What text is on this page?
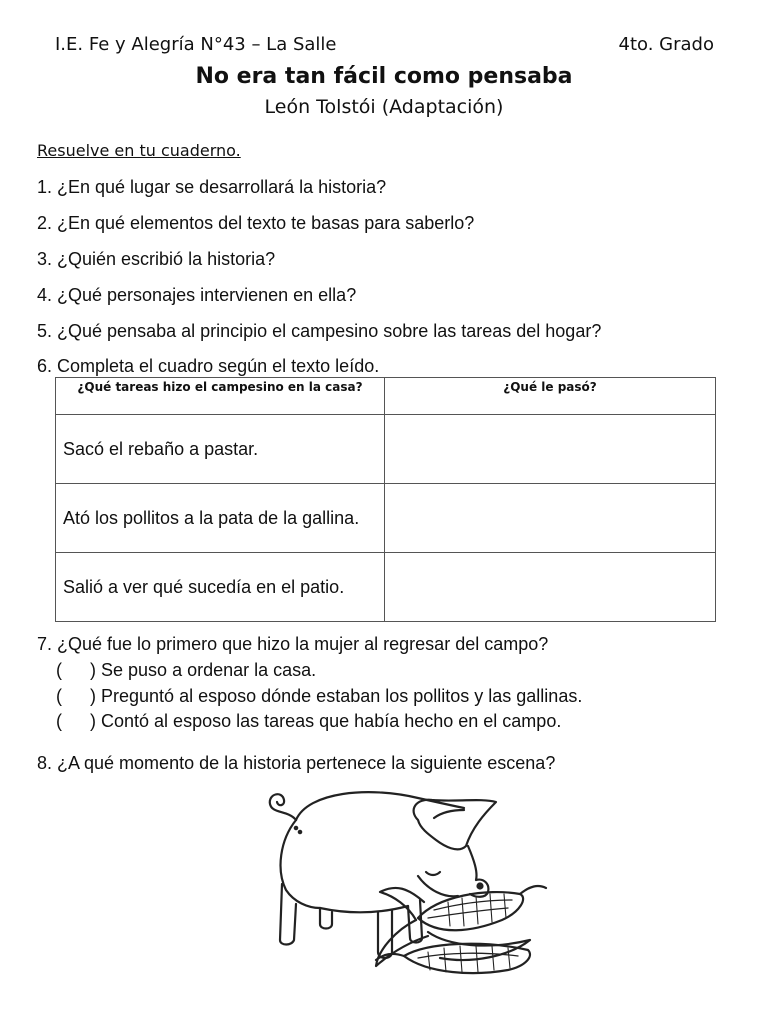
I.E. Fe y Alegría N°43 – La Salle	4to. Grado
No era tan fácil como pensaba
León Tolstói (Adaptación)
Resuelve en tu cuaderno.
1. ¿En qué lugar se desarrollará la historia?
2. ¿En qué elementos del texto te basas para saberlo?
3. ¿Quién escribió la historia?
4. ¿Qué personajes intervienen en ella?
5. ¿Qué pensaba al principio el campesino sobre las tareas del hogar?
6. Completa el cuadro según el texto leído.
¿Qué tareas hizo el campesino en la casa?	¿Qué le pasó?
Sacó el rebaño a pastar.	
Ató los pollitos a la pata de la gallina.	
Salió a ver qué sucedía en el patio.	
7. ¿Qué fue lo primero que hizo la mujer al regresar del campo?
( ) Se puso a ordenar la casa.
( ) Preguntó al esposo dónde estaban los pollitos y las gallinas.
( ) Contó al esposo las tareas que había hecho en el campo.
8. ¿A qué momento de la historia pertenece la siguiente escena?
